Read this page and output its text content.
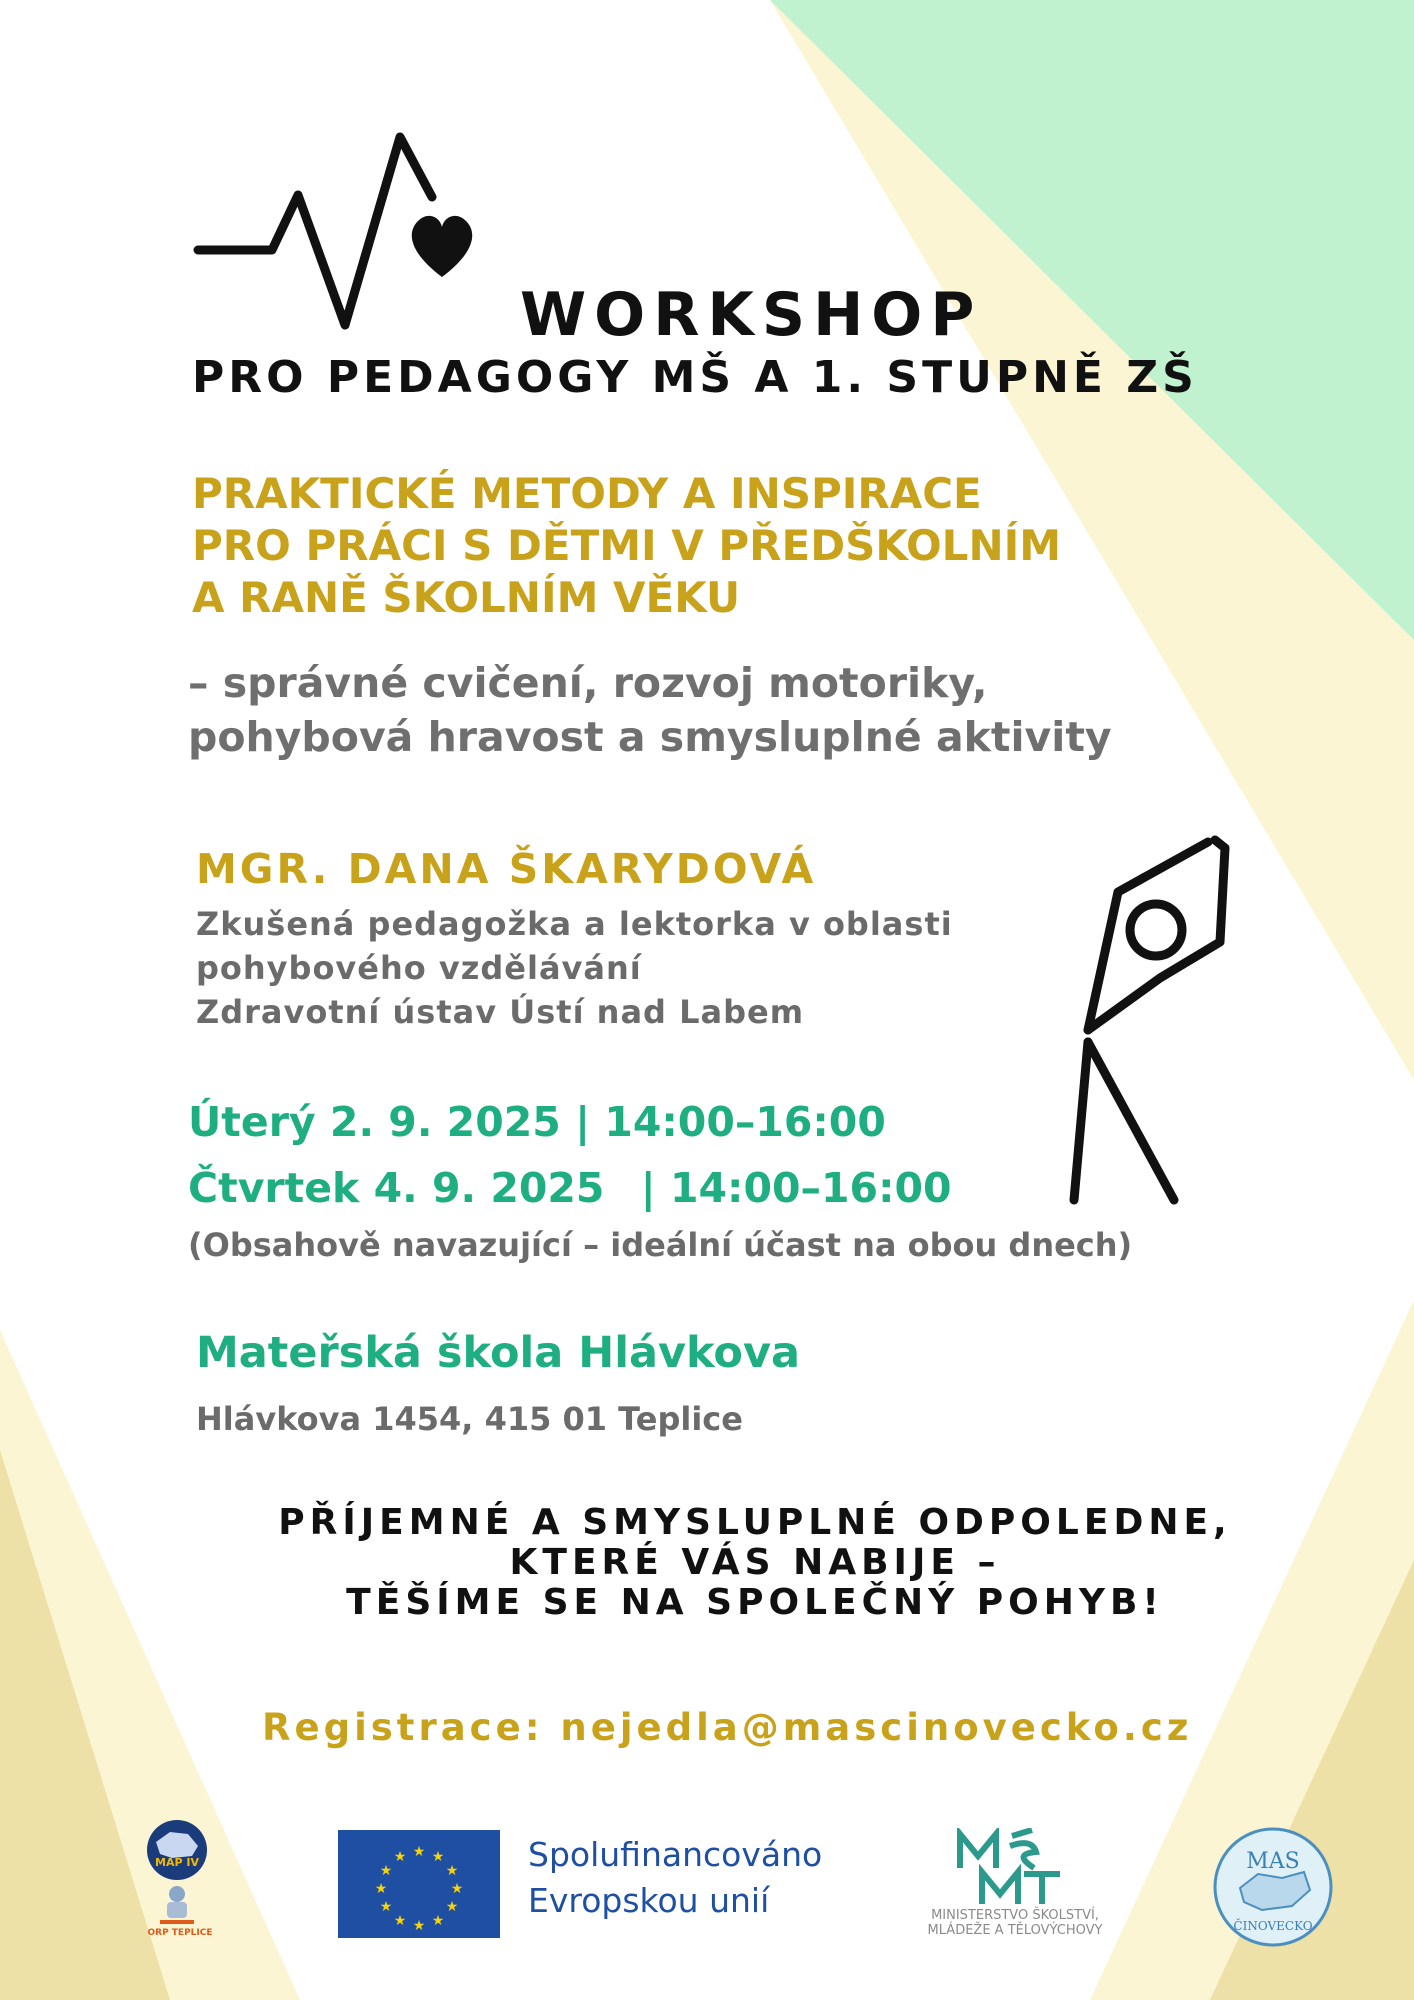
WORKSHOP
PRO PEDAGOGY MŠ A 1. STUPNĚ ZŠ
PRAKTICKÉ METODY A INSPIRACE
PRO PRÁCI S DĚTMI V PŘEDŠKOLNÍM
A RANĚ ŠKOLNÍM VĚKU
– správné cvičení, rozvoj motoriky,
pohybová hravost a smysluplné aktivity
MGR. DANA ŠKARYDOVÁ
Zkušená pedagožka a lektorka v oblasti
pohybového vzdělávání
Zdravotní ústav Ústí nad Labem
Úterý 2. 9. 2025 | 14:00–16:00
Čtvrtek 4. 9. 2025 | 14:00–16:00
(Obsahově navazující – ideální účast na obou dnech)
Mateřská škola Hlávkova
Hlávkova 1454, 415 01 Teplice
PŘÍJEMNÉ A SMYSLUPLNÉ ODPOLEDNE,
KTERÉ VÁS NABIJE –
TĚŠÍME SE NA SPOLEČNÝ POHYB!
Registrace: nejedla@mascinovecko.cz
MAP IV
ORP TEPLICE
★ ★
★
★
★
★
★
★
★
★
★
★	Spolufinancováno
Evropskou unií	MINISTERSTVO ŠKOLSTVÍ,
MLÁDEŽE A TĚLOVÝCHOVY
MAS
ČINOVECKO
